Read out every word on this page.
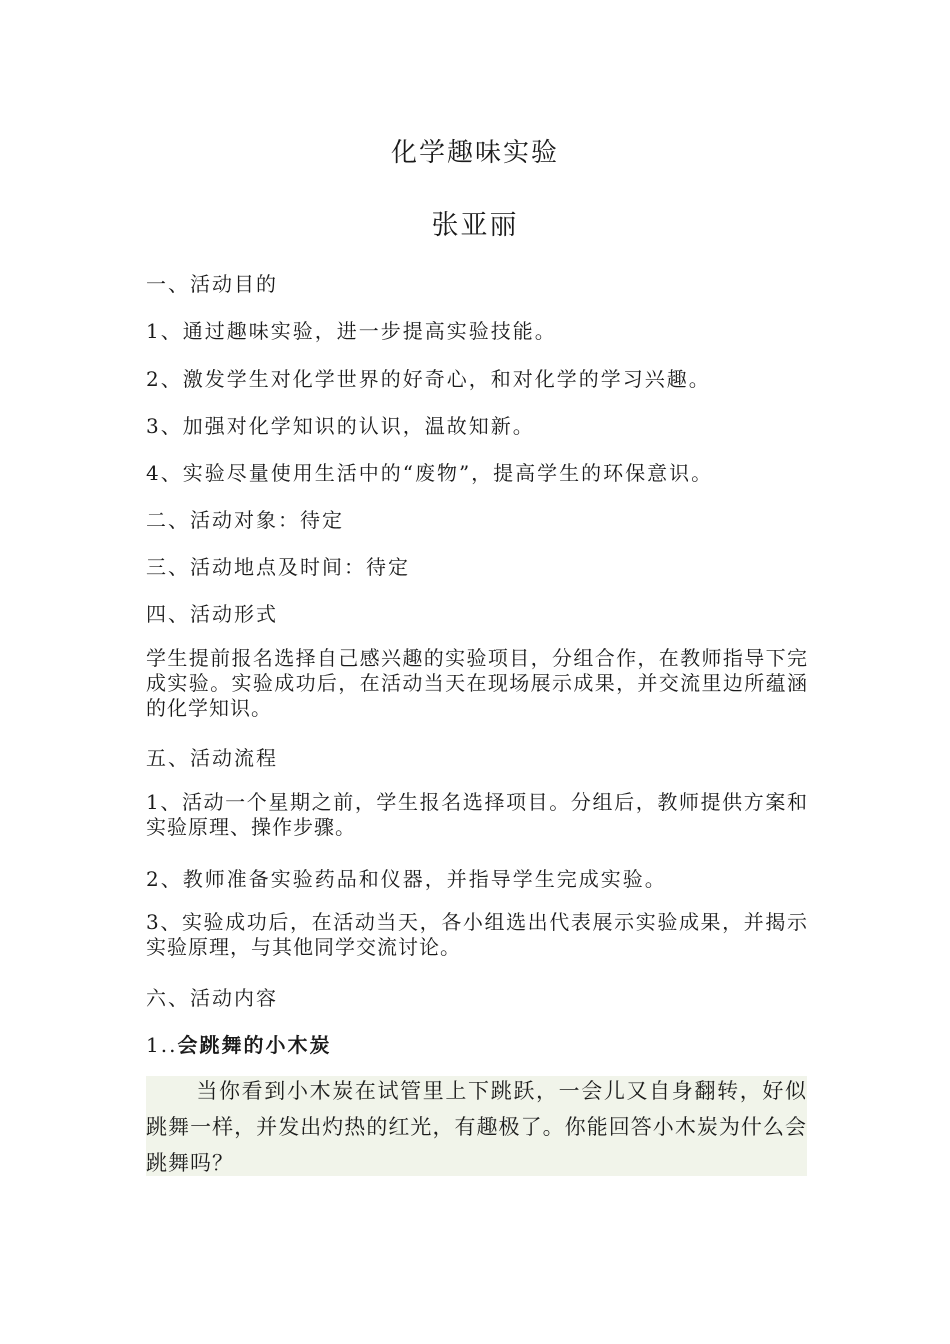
化学趣味实验
张亚丽
一、活动目的
1、通过趣味实验，进一步提高实验技能。
2、激发学生对化学世界的好奇心，和对化学的学习兴趣。
3、加强对化学知识的认识，温故知新。
4、实验尽量使用生活中的“废物”，提高学生的环保意识。
二、活动对象：待定
三、活动地点及时间：待定
四、活动形式
学生提前报名选择自己感兴趣的实验项目，分组合作，在教师指导下完成实验。实验成功后，在活动当天在现场展示成果，并交流里边所蕴涵的化学知识。
五、活动流程
1、活动一个星期之前，学生报名选择项目。分组后，教师提供方案和实验原理、操作步骤。
2、教师准备实验药品和仪器，并指导学生完成实验。
3、实验成功后，在活动当天，各小组选出代表展示实验成果，并揭示实验原理，与其他同学交流讨论。
六、活动内容
1..会跳舞的小木炭
当你看到小木炭在试管里上下跳跃，一会儿又自身翻转，好似跳舞一样，并发出灼热的红光，有趣极了。你能回答小木炭为什么会跳舞吗？
